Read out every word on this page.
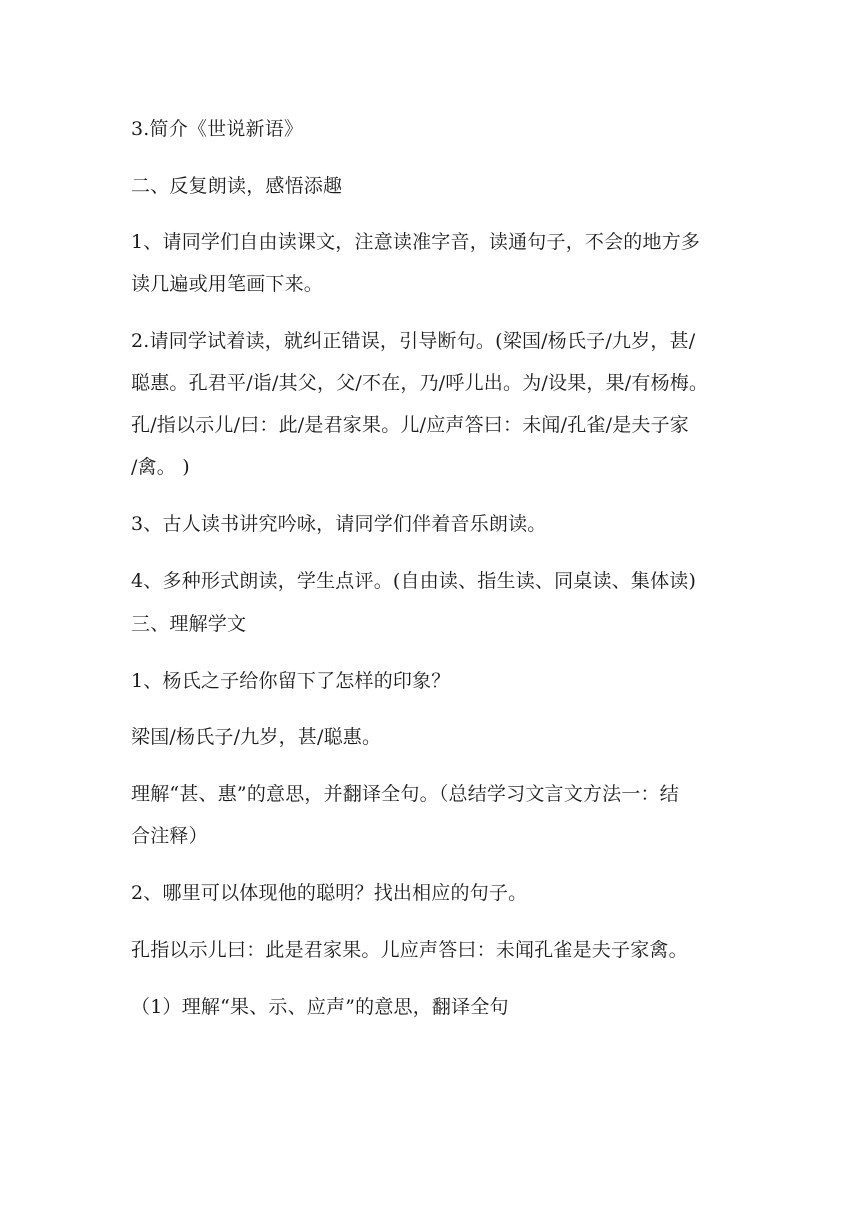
3.简介《世说新语》

二、反复朗读，感悟添趣

1、请同学们自由读课文，注意读准字音，读通句子，不会的地方多

读几遍或用笔画下来。

2.请同学试着读，就纠正错误，引导断句。(梁国/杨氏子/九岁，甚/

聪惠。孔君平/诣/其父，父/不在，乃/呼儿出。为/设果，果/有杨梅。

孔/指以示儿/曰：此/是君家果。儿/应声答曰：未闻/孔雀/是夫子家

/禽。 )

3、古人读书讲究吟咏，请同学们伴着音乐朗读。

4、多种形式朗读，学生点评。(自由读、指生读、同桌读、集体读)

三、理解学文

1、杨氏之子给你留下了怎样的印象？

梁国/杨氏子/九岁，甚/聪惠。

理解“甚、惠”的意思，并翻译全句。（总结学习文言文方法一：结

合注释）

2、哪里可以体现他的聪明？找出相应的句子。

孔指以示儿曰：此是君家果。儿应声答曰：未闻孔雀是夫子家禽。

（1）理解“果、示、应声”的意思，翻译全句
